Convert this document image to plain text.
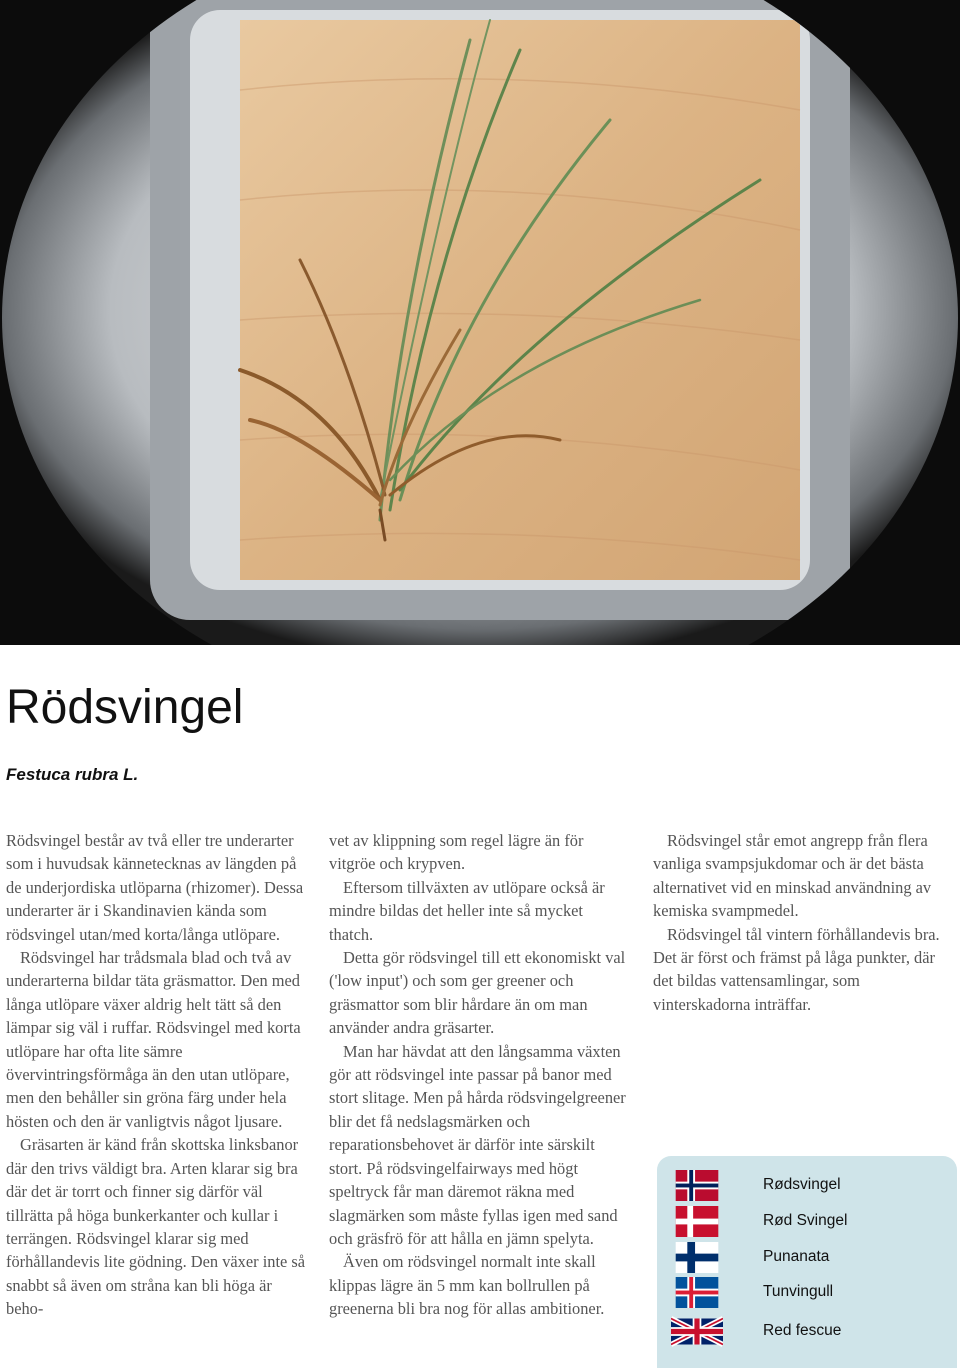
Rödsvingel

Festuca rubra L.

Rödsvingel består av två eller tre underarter som i huvudsak kännetecknas av längden på de underjordiska utlöparna (rhizomer). Dessa underarter är i Skandinavien kända som rödsvingel utan/med korta/långa utlöpare.

Rödsvingel har trådsmala blad och två av underarterna bildar täta gräsmattor. Den med långa utlöpare växer aldrig helt tätt så den lämpar sig väl i ruffar. Rödsvingel med korta utlöpare har ofta lite sämre övervintringsförmåga än den utan utlöpare, men den behåller sin gröna färg under hela hösten och den är vanligtvis något ljusare.

Gräsarten är känd från skottska linksbanor där den trivs väldigt bra. Arten klarar sig bra där det är torrt och finner sig därför väl tillrätta på höga bunkerkanter och kullar i terrängen. Rödsvingel klarar sig med förhållandevis lite gödning. Den växer inte så snabbt så även om stråna kan bli höga är beho-

vet av klippning som regel lägre än för vitgröe och krypven.

Eftersom tillväxten av utlöpare också är mindre bildas det heller inte så mycket thatch.

Detta gör rödsvingel till ett ekonomiskt val ('low input') och som ger greener och gräsmattor som blir hårdare än om man använder andra gräsarter.

Man har hävdat att den långsamma växten gör att rödsvingel inte passar på banor med stort slitage. Men på hårda rödsvingelgreener blir det få nedslagsmärken och reparationsbehovet är därför inte särskilt stort. På rödsvingelfairways med högt speltryck får man däremot räkna med slagmärken som måste fyllas igen med sand och gräsfrö för att hålla en jämn spelyta.

Även om rödsvingel normalt inte skall klippas lägre än 5 mm kan bollrullen på greenerna bli bra nog för allas ambitioner.

Rödsvingel står emot angrepp från flera vanliga svampsjukdomar och är det bästa alternativet vid en minskad användning av kemiska svampmedel.

Rödsvingel tål vintern förhållandevis bra. Det är först och främst på låga punkter, där det bildas vattensamlingar, som vinterskadorna inträffar.

Rødsvingel
Rød Svingel
Punanata
Tunvingull
Red fescue
